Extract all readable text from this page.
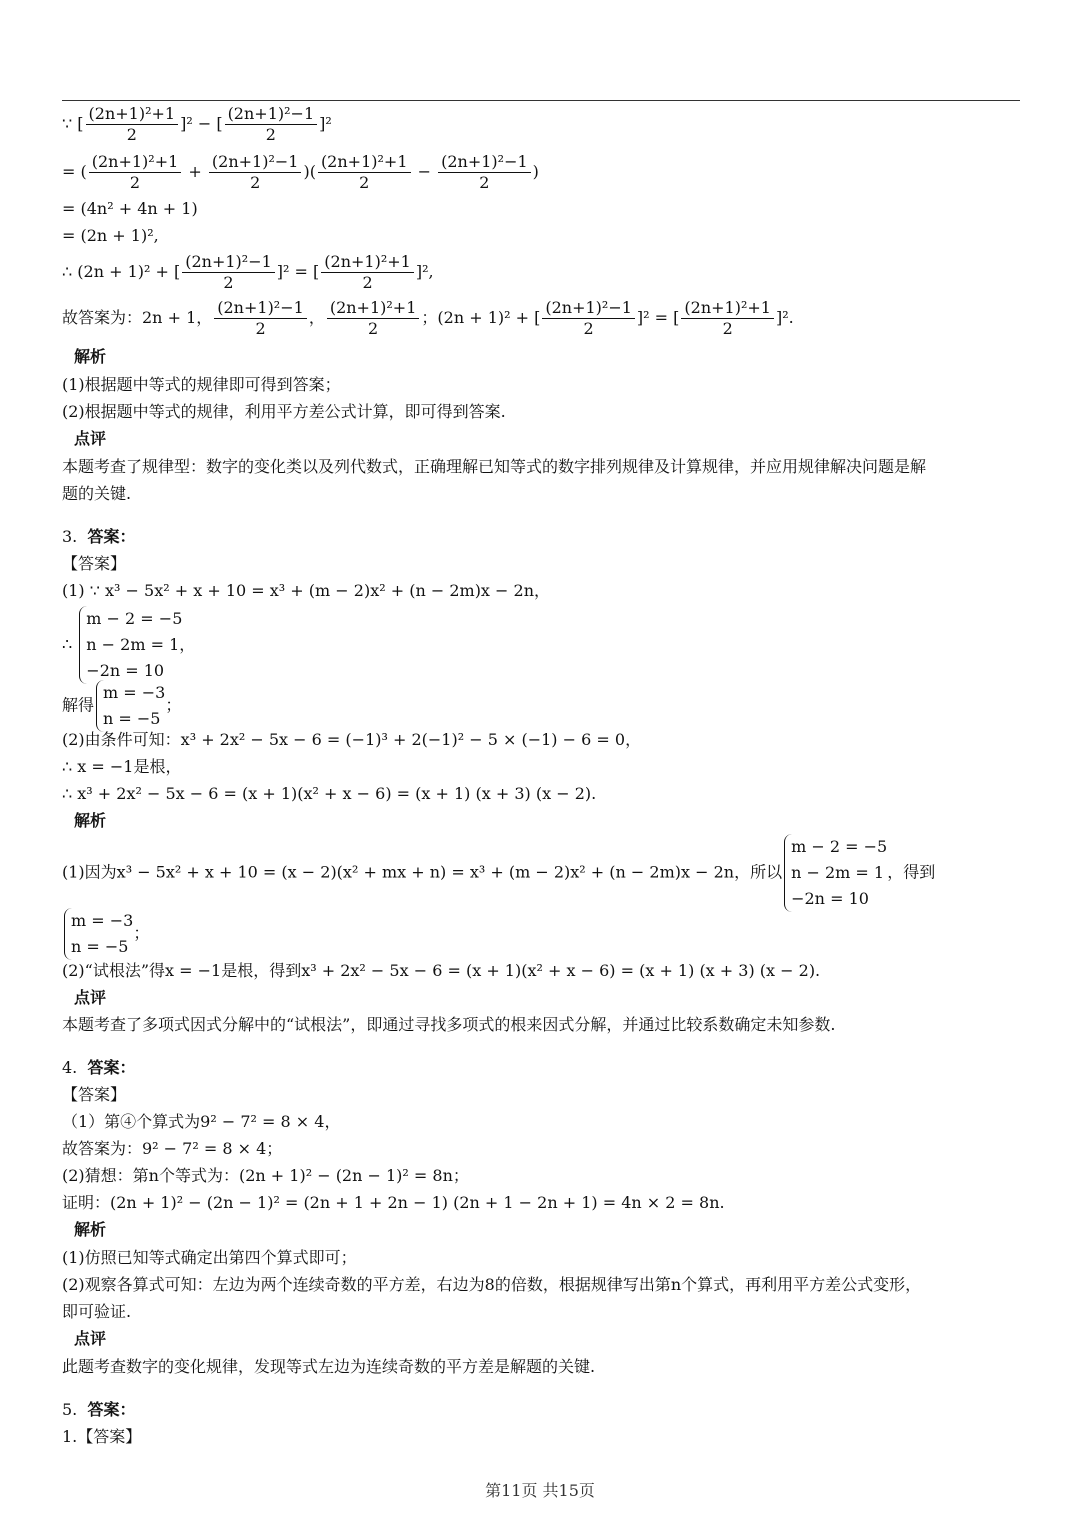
∵ [ $\frac{\text{(2n+1)²+1}}{2} ]^2$ − [ $\frac{\text{(2n+1)²−1}}{2} ]^2$
= ( $\frac{\text{(2n+1)²+1}}{2} + \frac{\text{(2n+1)²−1}}{2}$ )( $\frac{\text{(2n+1)²+1}}{2} - \frac{\text{(2n+1)²−1}}{2}$ )
= (4n² + 4n + 1)
= (2n + 1)²,
∴ (2n + 1)² + [ $\frac{\text{(2n+1)²−1}}{2} ]^2$ = [ $\frac{\text{(2n+1)²+1}}{2} ]^2$,
故答案为：2n + 1， $\frac{\text{(2n+1)²−1}}{2}$ ， $\frac{\text{(2n+1)²+1}}{2}$ ；(2n + 1)² + [ $\frac{\text{(2n+1)²−1}}{2} ]^2$ = [ $\frac{\text{(2n+1)²+1}}{2} ]^2$.
解析
(1)根据题中等式的规律即可得到答案；
(2)根据题中等式的规律，利用平方差公式计算，即可得到答案.
点评
本题考查了规律型：数字的变化类以及列代数式，正确理解已知等式的数字排列规律及计算规律，并应用规律解决问题是解
题的关键.
3. 答案：
【答案】
(1) ∵ x³ − 5x² + x + 10 = x³ + (m − 2)x² + (n − 2m)x − 2n，
∴
m − 2 = −5
n − 2m = 1，
−2n = 10
解得
m = −3
n = −5
；
(2)由条件可知：x³ + 2x² − 5x − 6 = (−1)³ + 2(−1)² − 5 × (−1) − 6 = 0，
∴ x = −1是根，
∴ x³ + 2x² − 5x − 6 = (x + 1)(x² + x − 6) = (x + 1) (x + 3) (x − 2).
解析
(1)因为x³ − 5x² + x + 10 = (x − 2)(x² + mx + n) = x³ + (m − 2)x² + (n − 2m)x − 2n，所以
m − 2 = −5
n − 2m = 1
−2n = 10
，得到
m = −3
n = −5
；
(2)“试根法”得x = −1是根，得到x³ + 2x² − 5x − 6 = (x + 1)(x² + x − 6) = (x + 1) (x + 3) (x − 2).
点评
本题考查了多项式因式分解中的“试根法”，即通过寻找多项式的根来因式分解，并通过比较系数确定未知参数.
4. 答案：
【答案】
（1）第④个算式为9² − 7² = 8 × 4，
故答案为：9² − 7² = 8 × 4；
(2)猜想：第n个等式为：(2n + 1)² − (2n − 1)² = 8n；
证明：(2n + 1)² − (2n − 1)² = (2n + 1 + 2n − 1) (2n + 1 − 2n + 1) = 4n × 2 = 8n.
解析
(1)仿照已知等式确定出第四个算式即可；
(2)观察各算式可知：左边为两个连续奇数的平方差，右边为8的倍数，根据规律写出第n个算式，再利用平方差公式变形，
即可验证.
点评
此题考查数字的变化规律，发现等式左边为连续奇数的平方差是解题的关键.
5. 答案：
1.【答案】
第11页 共15页
